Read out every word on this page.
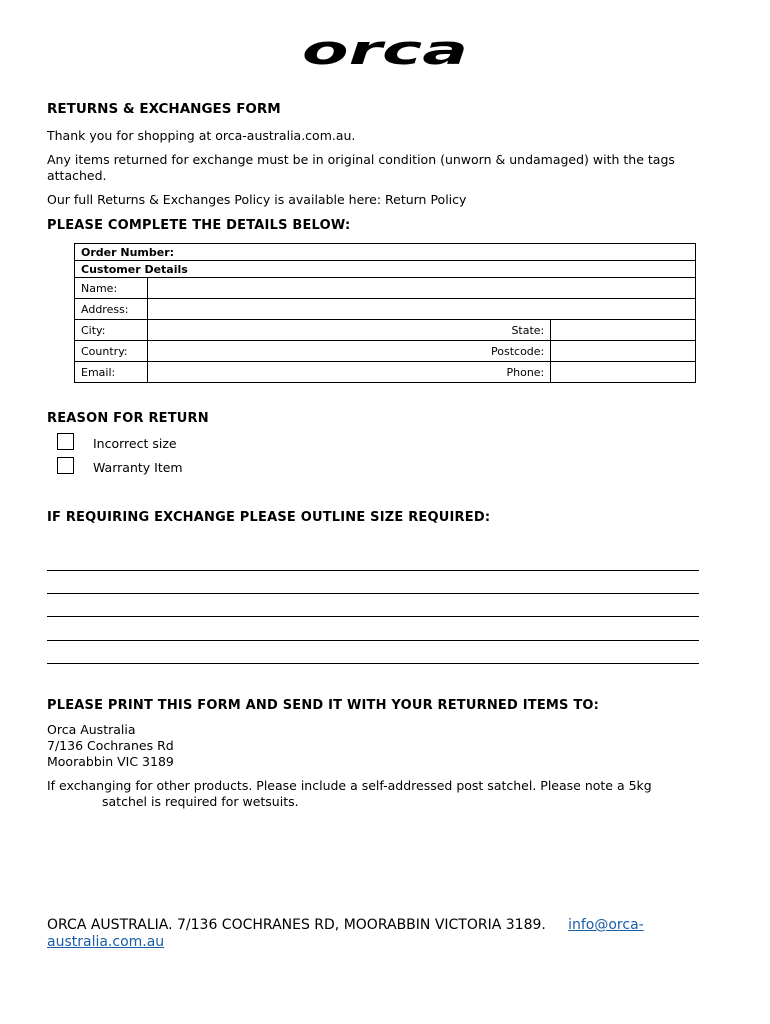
orca
RETURNS & EXCHANGES FORM
Thank you for shopping at orca-australia.com.au.
Any items returned for exchange must be in original condition (unworn & undamaged) with the tags attached.
Our full Returns & Exchanges Policy is available here: Return Policy
PLEASE COMPLETE THE DETAILS BELOW:
Order Number:		
Customer Details		
Name:		
Address:		
City:	State:	
Country:	Postcode:	
Email:	Phone:	
REASON FOR RETURN
Incorrect size
Warranty Item
IF REQUIRING EXCHANGE PLEASE OUTLINE SIZE REQUIRED:
PLEASE PRINT THIS FORM AND SEND IT WITH YOUR RETURNED ITEMS TO:
Orca Australia
7/136 Cochranes Rd
Moorabbin VIC 3189
If exchanging for other products. Please include a self-addressed post satchel. Please note a 5kg
satchel is required for wetsuits.
ORCA AUSTRALIA. 7/136 COCHRANES RD, MOORABBIN VICTORIA 3189. info@orca-australia.com.au
